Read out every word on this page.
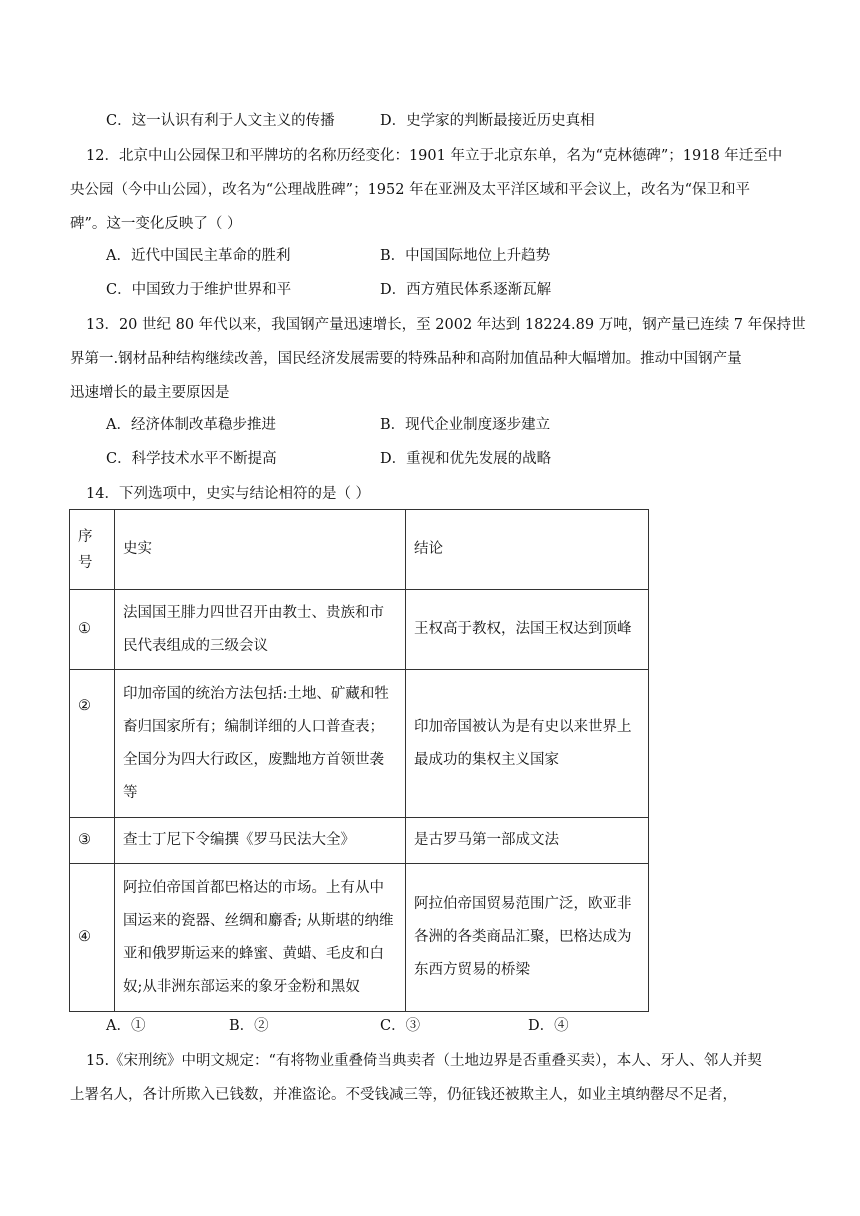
C．这一认识有利于人文主义的传播	D．史学家的判断最接近历史真相
12．北京中山公园保卫和平牌坊的名称历经变化：1901 年立于北京东单，名为“克林德碑”；1918 年迁至中
央公园（今中山公园），改名为“公理战胜碑”；1952 年在亚洲及太平洋区域和平会议上，改名为“保卫和平
碑”。这一变化反映了（ ）
A．近代中国民主革命的胜利	B．中国国际地位上升趋势
C．中国致力于维护世界和平	D．西方殖民体系逐渐瓦解
13．20 世纪 80 年代以来，我国钢产量迅速增长，至 2002 年达到 18224.89 万吨，钢产量已连续 7 年保持世
界第一.钢材品种结构继续改善，国民经济发展需要的特殊品种和高附加值品种大幅增加。推动中国钢产量
迅速增长的最主要原因是
A．经济体制改革稳步推进	B．现代企业制度逐步建立
C．科学技术水平不断提高	D．重视和优先发展的战略
14．下列选项中，史实与结论相符的是（ ）
序号	史实	结论
①	法国国王腓力四世召开由教士、贵族和市民代表组成的三级会议	王权高于教权，法国王权达到顶峰
②	印加帝国的统治方法包括:土地、矿藏和牲畜归国家所有；编制详细的人口普查表；全国分为四大行政区，废黜地方首领世袭等	印加帝国被认为是有史以来世界上最成功的集权主义国家
③	查士丁尼下令编撰《罗马民法大全》	是古罗马第一部成文法
④	阿拉伯帝国首都巴格达的市场。上有从中国运来的瓷器、丝绸和麝香; 从斯堪的纳维亚和俄罗斯运来的蜂蜜、黄蜡、毛皮和白奴;从非洲东部运来的象牙金粉和黑奴	阿拉伯帝国贸易范围广泛，欧亚非各洲的各类商品汇聚，巴格达成为东西方贸易的桥梁
A．①	B．②	C．③	D．④
15.《宋刑统》中明文规定：“有将物业重叠倚当典卖者（土地边界是否重叠买卖），本人、牙人、邻人并契
上署名人，各计所欺入已钱数，并准盗论。不受钱减三等，仍征钱还被欺主人，如业主填纳罄尽不足者，
